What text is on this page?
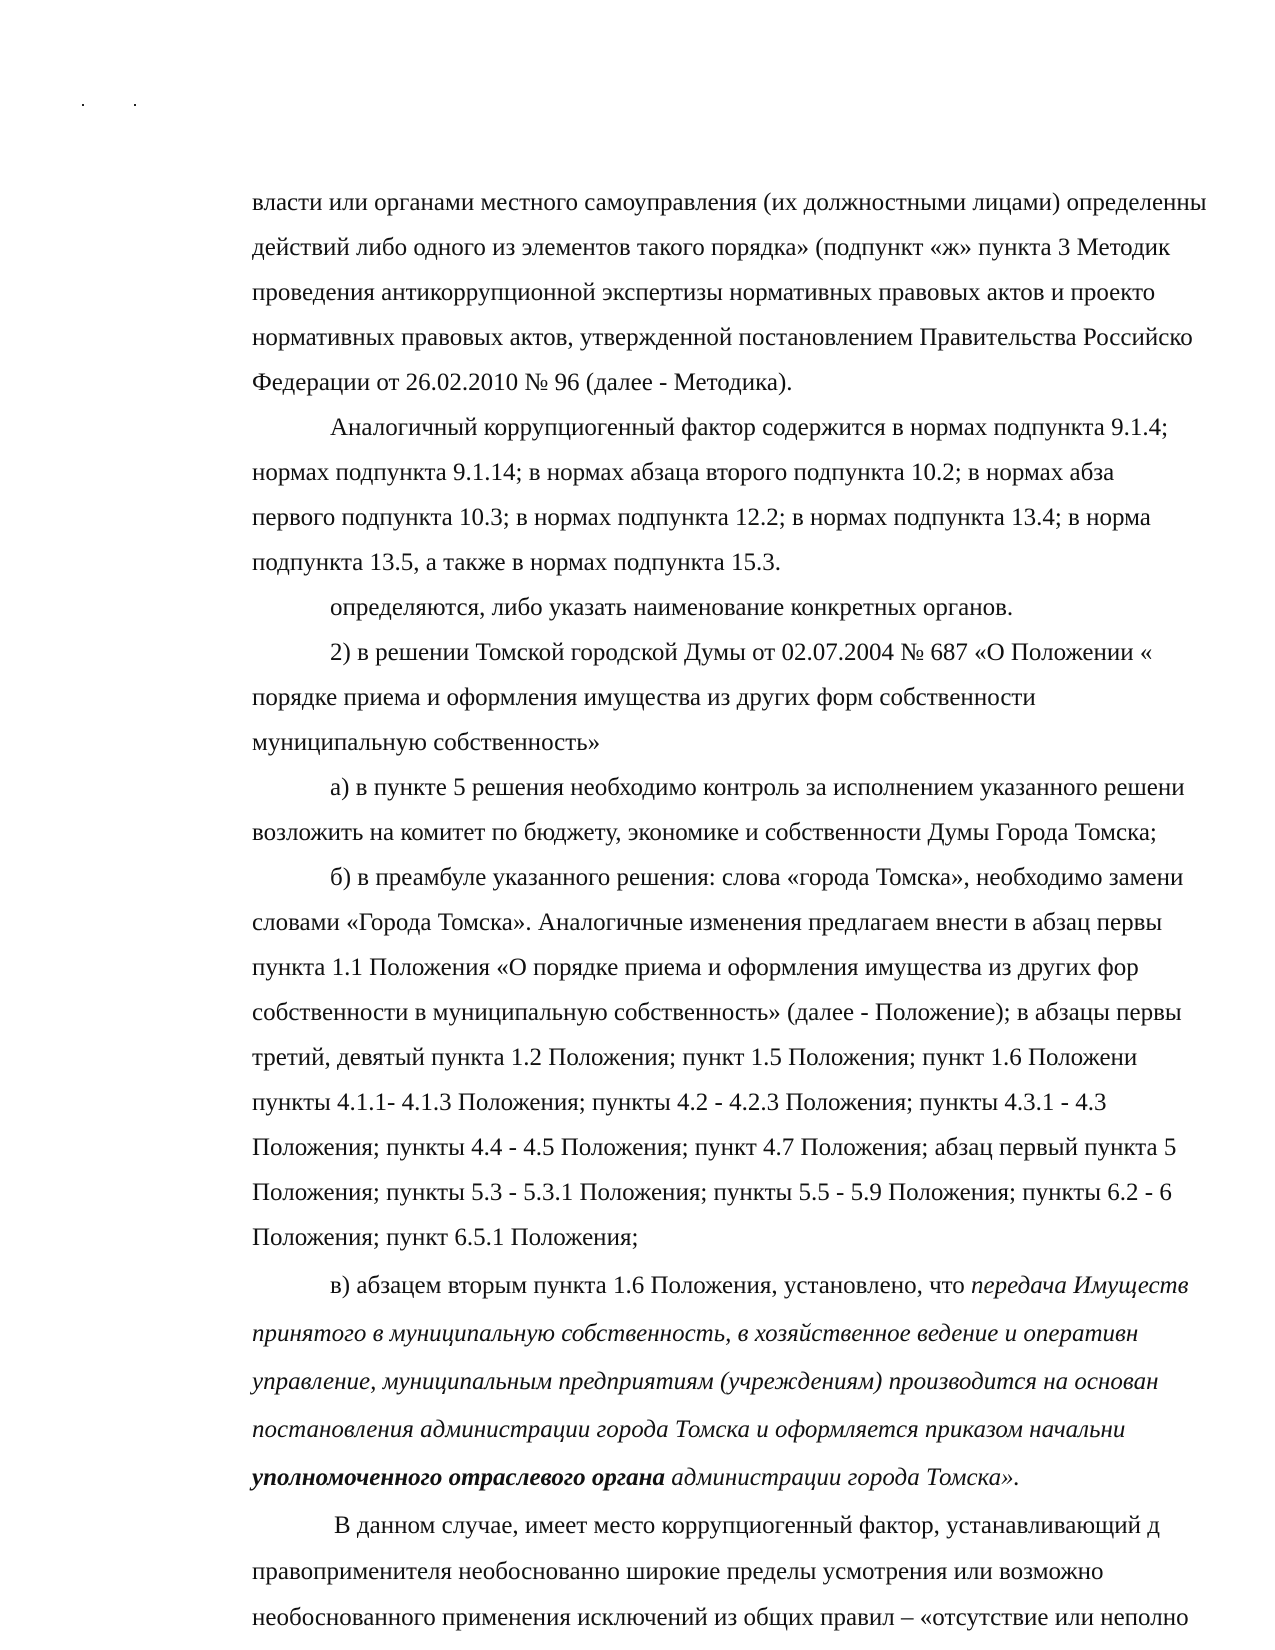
власти или органами местного самоуправления (их должностными лицами) определенны
действий либо одного из элементов такого порядка» (подпункт «ж» пункта 3 Методик
проведения антикоррупционной экспертизы нормативных правовых актов и проекто
нормативных правовых актов, утвержденной постановлением Правительства Российско
Федерации от 26.02.2010 № 96 (далее - Методика).
Аналогичный коррупциогенный фактор содержится в нормах подпункта 9.1.4;
нормах подпункта 9.1.14; в нормах абзаца второго подпункта 10.2; в нормах абза
первого подпункта 10.3; в нормах подпункта 12.2; в нормах подпункта 13.4; в норма
подпункта 13.5, а также в нормах подпункта 15.3.
определяются, либо указать наименование конкретных органов.
2) в решении Томской городской Думы от 02.07.2004 № 687 «О Положении «
порядке приема и оформления имущества из других форм собственности
муниципальную собственность»
а) в пункте 5 решения необходимо контроль за исполнением указанного решени
возложить на комитет по бюджету, экономике и собственности Думы Города Томска;
б) в преамбуле указанного решения: слова «города Томска», необходимо замени
словами «Города Томска». Аналогичные изменения предлагаем внести в абзац первы
пункта 1.1 Положения «О порядке приема и оформления имущества из других фор
собственности в муниципальную собственность» (далее - Положение); в абзацы первы
третий, девятый пункта 1.2 Положения; пункт 1.5 Положения; пункт 1.6 Положени
пункты 4.1.1- 4.1.3 Положения; пункты 4.2 - 4.2.3 Положения; пункты 4.3.1 - 4.3
Положения; пункты 4.4 - 4.5 Положения; пункт 4.7 Положения; абзац первый пункта 5
Положения; пункты 5.3 - 5.3.1 Положения; пункты 5.5 - 5.9 Положения; пункты 6.2 - 6
Положения; пункт 6.5.1 Положения;
в) абзацем вторым пункта 1.6 Положения, установлено, что передача Имуществ
принятого в муниципальную собственность, в хозяйственное ведение и оперативн
управление, муниципальным предприятиям (учреждениям) производится на основан
постановления администрации города Томска и оформляется приказом начальни
уполномоченного отраслевого органа администрации города Томска».
В данном случае, имеет место коррупциогенный фактор, устанавливающий д
правоприменителя необоснованно широкие пределы усмотрения или возможно
необоснованного применения исключений из общих правил – «отсутствие или неполно
